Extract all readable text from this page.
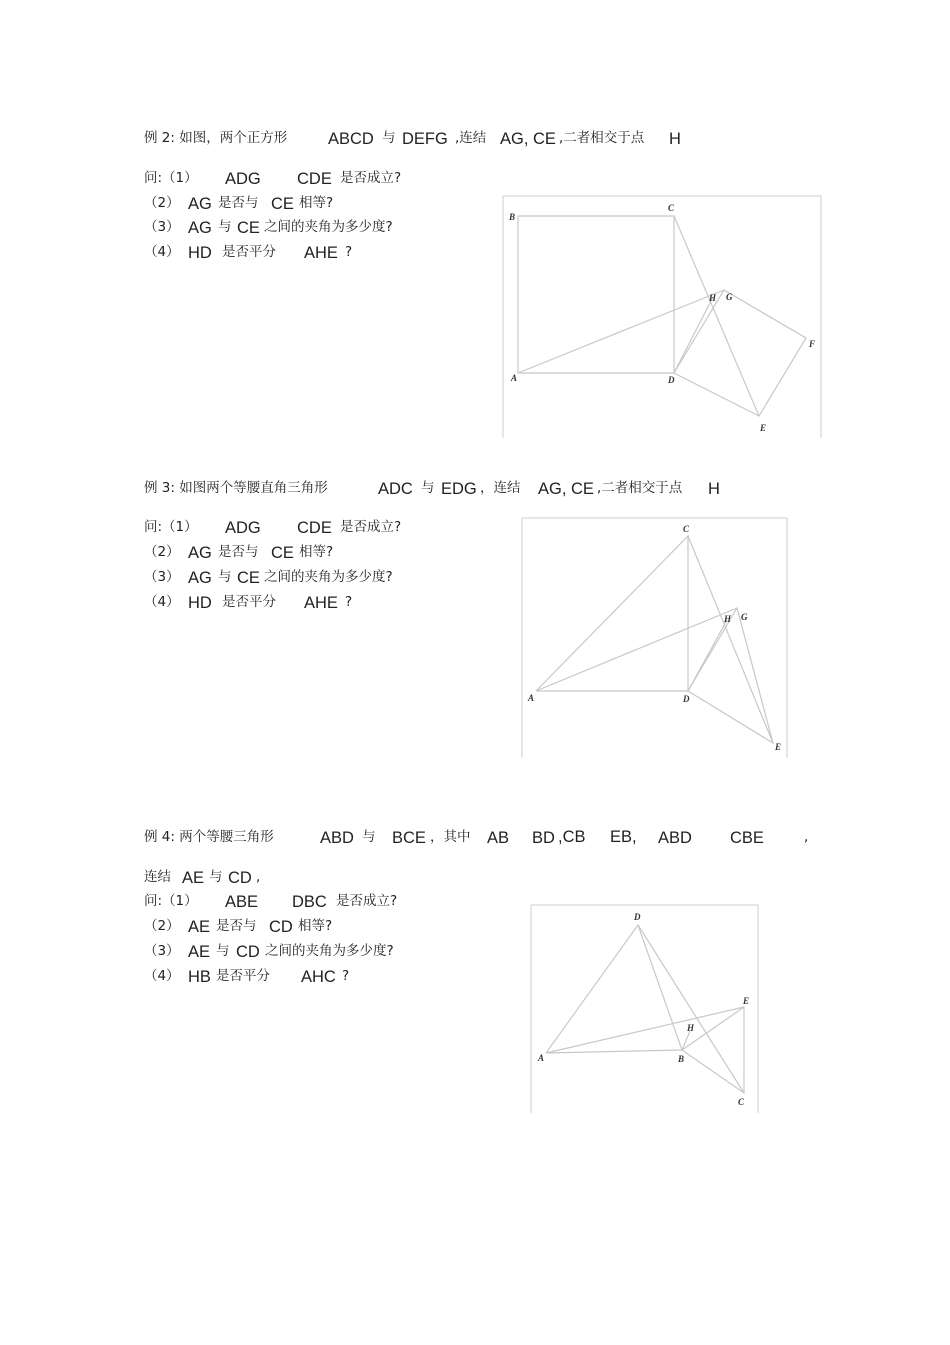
例 2: 如图，两个正方形 ABCD 与 DEFG ,连结 AG, CE ,二者相交于点 H
问:（1） ADG CDE 是否成立?
（2） AG 是否与 CE 相等?
（3） AG 与 CE 之间的夹角为多少度?
（4） HD 是否平分 AHE ?
B
C
H G
F
A	D
E
例 3: 如图两个等腰直角三角形	ADC 与 EDG ，连结 AG, CE ,二者相交于点 H
问:（1） ADG CDE 是否成立?
（2） AG 是否与 CE 相等?
（3） AG 与 CE 之间的夹角为多少度?
（4） HD 是否平分 AHE ?
C
H G
A	D
E
例 4: 两个等腰三角形	ABD 与 BCE ，其中 AB BD ,CB EB, ABD CBE	,
连结 AE 与 CD ,
问:（1） ABE DBC 是否成立?
（2） AE 是否与 CD 相等?
（3） AE 与 CD 之间的夹角为多少度?
（4） HB 是否平分 AHC ?
D
E
H
A	B
C
